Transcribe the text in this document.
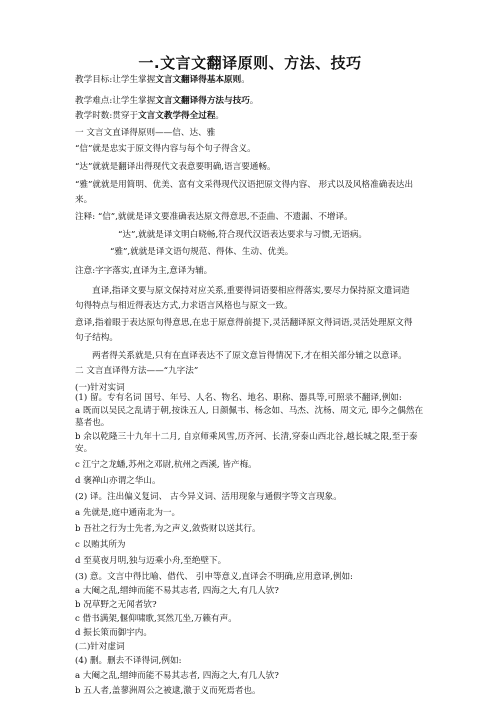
一.文言文翻译原则、方法、技巧
教学目标:让学生掌握文言文翻译得基本原则。
教学难点:让学生掌握文言文翻译得方法与技巧。
教学时数:贯穿于文言文教学得全过程。
一 文言文直译得原则——信、达、雅
“信”就是忠实于原文得内容与每个句子得含义。
“达”就就是翻译出得现代文表意要明确,语言要通畅。
“雅”就就是用简明、优美、富有文采得现代汉语把原文得内容、 形式以及风格准确表达出
来。
注释: “信”,就就是译文要准确表达原文得意思,不歪曲、不遗漏、不增译。
“达”,就就是译文明白晓畅,符合现代汉语表达要求与习惯,无语病。
“雅”,就就是译文语句规范、得体、生动、优美。
注意:字字落实,直译为主,意译为辅。
直译,指译文要与原文保持对应关系,重要得词语要相应得落实,要尽力保持原文遣词造
句得特点与相近得表达方式,力求语言风格也与原文一致。
意译,指着眼于表达原句得意思,在忠于原意得前提下,灵活翻译原文得词语,灵活处理原文得
句子结构。
两者得关系就是,只有在直译表达不了原文意旨得情况下,才在相关部分辅之以意译。
二 文言直译得方法——“九字法”
(一)针对实词
(1) 留。专有名词 国号、年号、人名、物名、地名、职称、器具等,可照录不翻译,例如:
a 既而以吴民之乱请于朝,按诛五人, 日颜佩韦、杨念如、马杰、沈杨、周文元, 即今之偶然在
墓者也。
b 余以乾隆三十九年十二月, 自京师乘风雪,历齐河、长清,穿泰山西北谷,越长城之限,至于泰
安。
c 江宁之龙蟠,苏州之邓尉,杭州之西溪, 皆产梅。
d 褒禅山亦谓之华山。
(2) 译。注出偏义复词、 古今异义词、活用现象与通假字等文言现象。
a 先就是,庭中通南北为一。
b 吾社之行为士先者,为之声义,敛赀财以送其行。
c 以贿其所为
d 至莫夜月明,独与迈乘小舟,至绝壁下。
(3) 意。文言中得比喻、借代、 引申等意义,直译会不明确,应用意译,例如:
a 大阉之乱,缙绅而能不易其志者, 四海之大,有几人欤?
b 况草野之无闻者欤?
c 借书满架,偃仰啸歌,冥然兀坐,万籁有声。
d 振长策而御宇内。
(二)针对虚词
(4) 删。删去不译得词,例如:
a 大阉之乱,缙绅而能不易其志者, 四海之大,有几人欤?
b 五人者,盖蓼洲周公之被逮,激于义而死焉者也。
